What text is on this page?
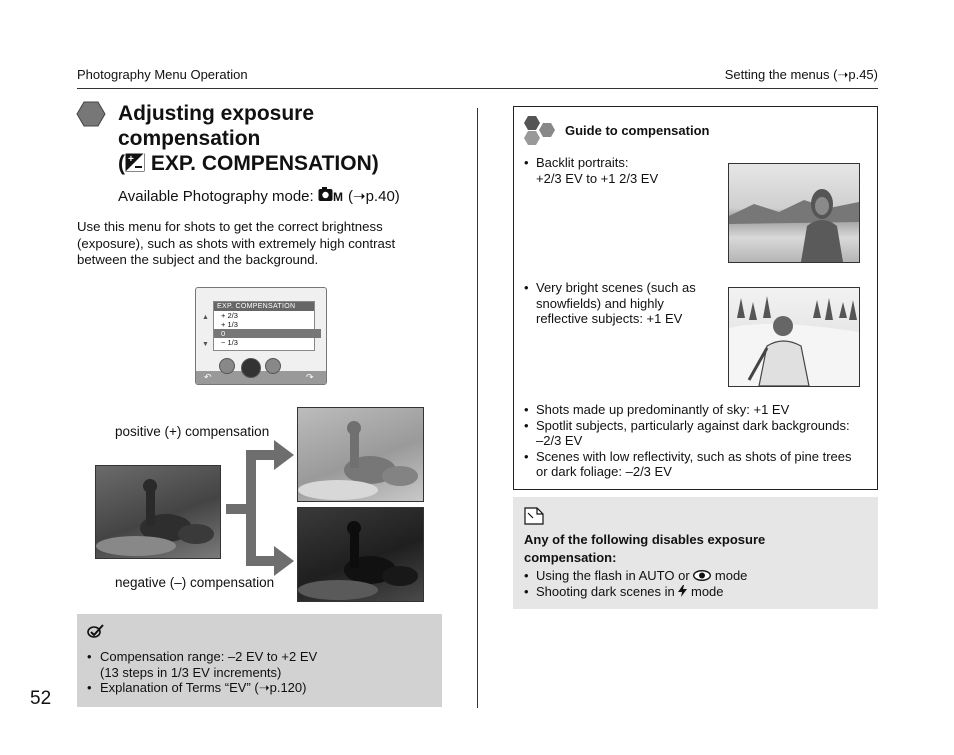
Photography Menu Operation	Setting the menus (➝p.45)
Adjusting exposure
compensation
( + EXP. COMPENSATION)
Available Photography mode: M (➝p.40)
Use this menu for shots to get the correct brightness (exposure), such as shots with extremely high contrast between the subject and the background.
▲
▼
EXP. COMPENSATION
+ 2/3
+ 1/3
0
− 1/3
↶	↷
positive (+) compensation
negative (–) compensation
• Compensation range: –2 EV to +2 EV
(13 steps in 1/3 EV increments)
• Explanation of Terms “EV” (➝p.120)
Guide to compensation
• Backlit portraits:
+2/3 EV to +1 2/3 EV
• Very bright scenes (such as
snowfields) and highly
reflective subjects: +1 EV
• Shots made up predominantly of sky: +1 EV
• Spotlit subjects, particularly against dark backgrounds:
–2/3 EV
• Scenes with low reflectivity, such as shots of pine trees
or dark foliage: –2/3 EV
Any of the following disables exposure
compensation:
• Using the flash in AUTO or  mode
• Shooting dark scenes in  mode
52
